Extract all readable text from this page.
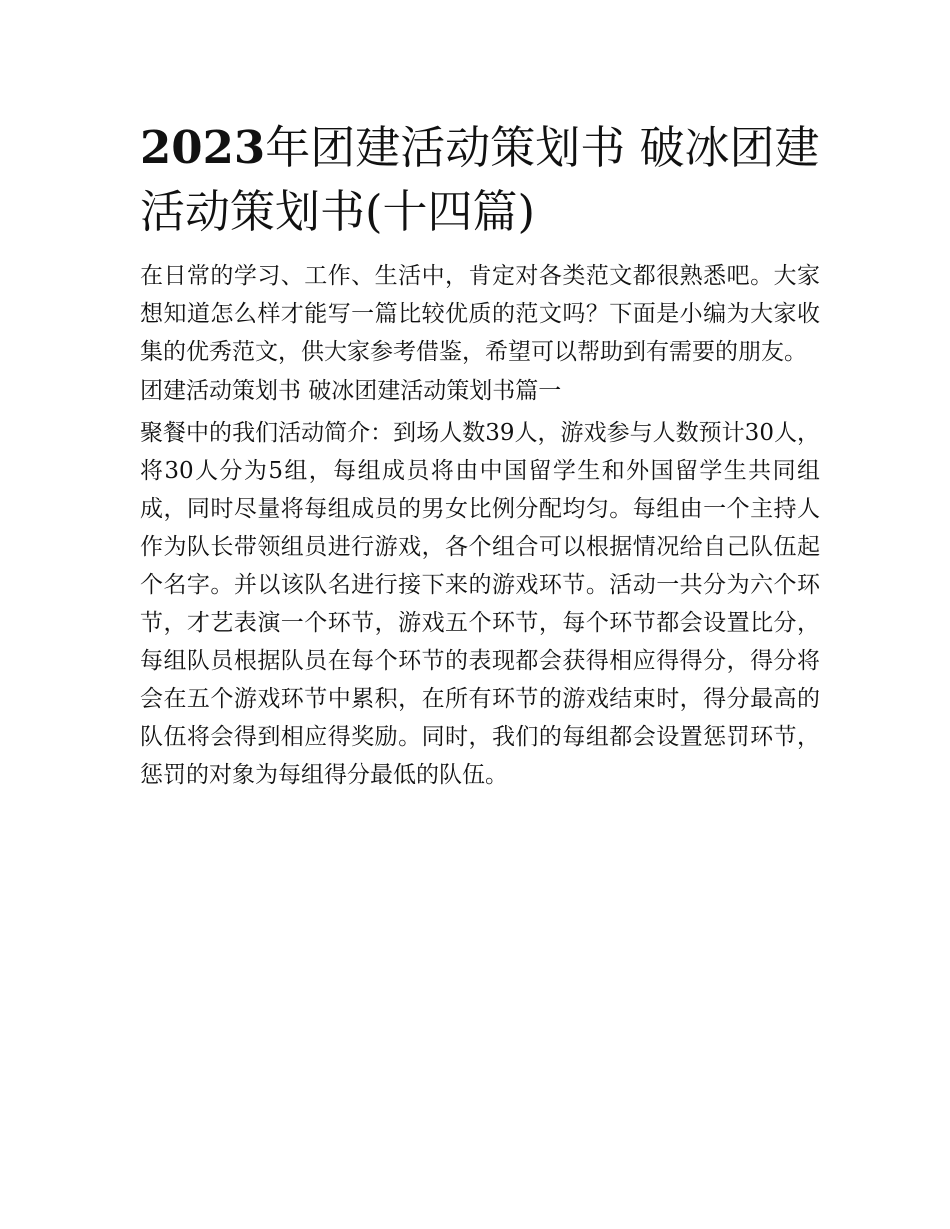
2023年团建活动策划书 破冰团建活动策划书(十四篇)

在日常的学习、工作、生活中，肯定对各类范文都很熟悉吧。大家想知道怎么样才能写一篇比较优质的范文吗？下面是小编为大家收集的优秀范文，供大家参考借鉴，希望可以帮助到有需要的朋友。

团建活动策划书 破冰团建活动策划书篇一

聚餐中的我们活动简介：到场人数39人，游戏参与人数预计30人，将30人分为5组，每组成员将由中国留学生和外国留学生共同组成，同时尽量将每组成员的男女比例分配均匀。每组由一个主持人作为队长带领组员进行游戏，各个组合可以根据情况给自己队伍起个名字。并以该队名进行接下来的游戏环节。活动一共分为六个环节，才艺表演一个环节，游戏五个环节，每个环节都会设置比分，每组队员根据队员在每个环节的表现都会获得相应得得分，得分将会在五个游戏环节中累积，在所有环节的游戏结束时，得分最高的队伍将会得到相应得奖励。同时，我们的每组都会设置惩罚环节，惩罚的对象为每组得分最低的队伍。
